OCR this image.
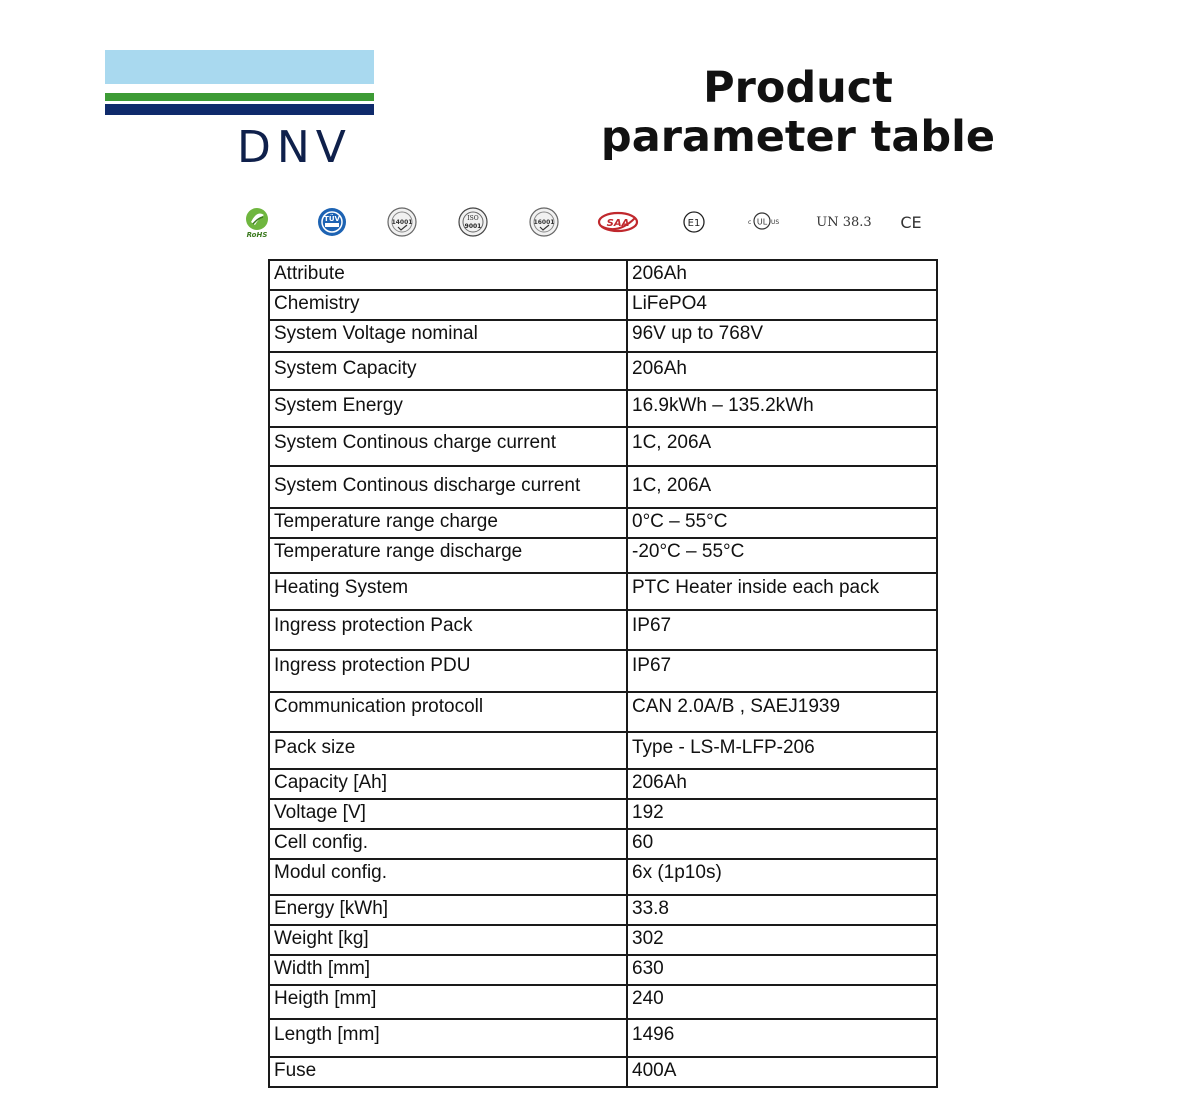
DNV
Product
parameter table
RoHS
TÜV	14001
ISO
9001
16001	SAA	E1	c UL US	UN 38.3 CE
Attribute	206Ah
Chemistry	LiFePO4
System Voltage nominal	96V up to 768V
System Capacity	206Ah
System Energy	16.9kWh – 135.2kWh
System Continous charge current	1C, 206A
System Continous discharge current	1C, 206A
Temperature range charge	0°C – 55°C
Temperature range discharge	-20°C – 55°C
Heating System	PTC Heater inside each pack
Ingress protection Pack	IP67
Ingress protection PDU	IP67
Communication protocoll	CAN 2.0A/B , SAEJ1939
Pack size	Type - LS-M-LFP-206
Capacity [Ah]	206Ah
Voltage [V]	192
Cell config.	60
Modul config.	6x (1p10s)
Energy [kWh]	33.8
Weight [kg]	302
Width [mm]	630
Heigth [mm]	240
Length [mm]	1496
Fuse	400A
